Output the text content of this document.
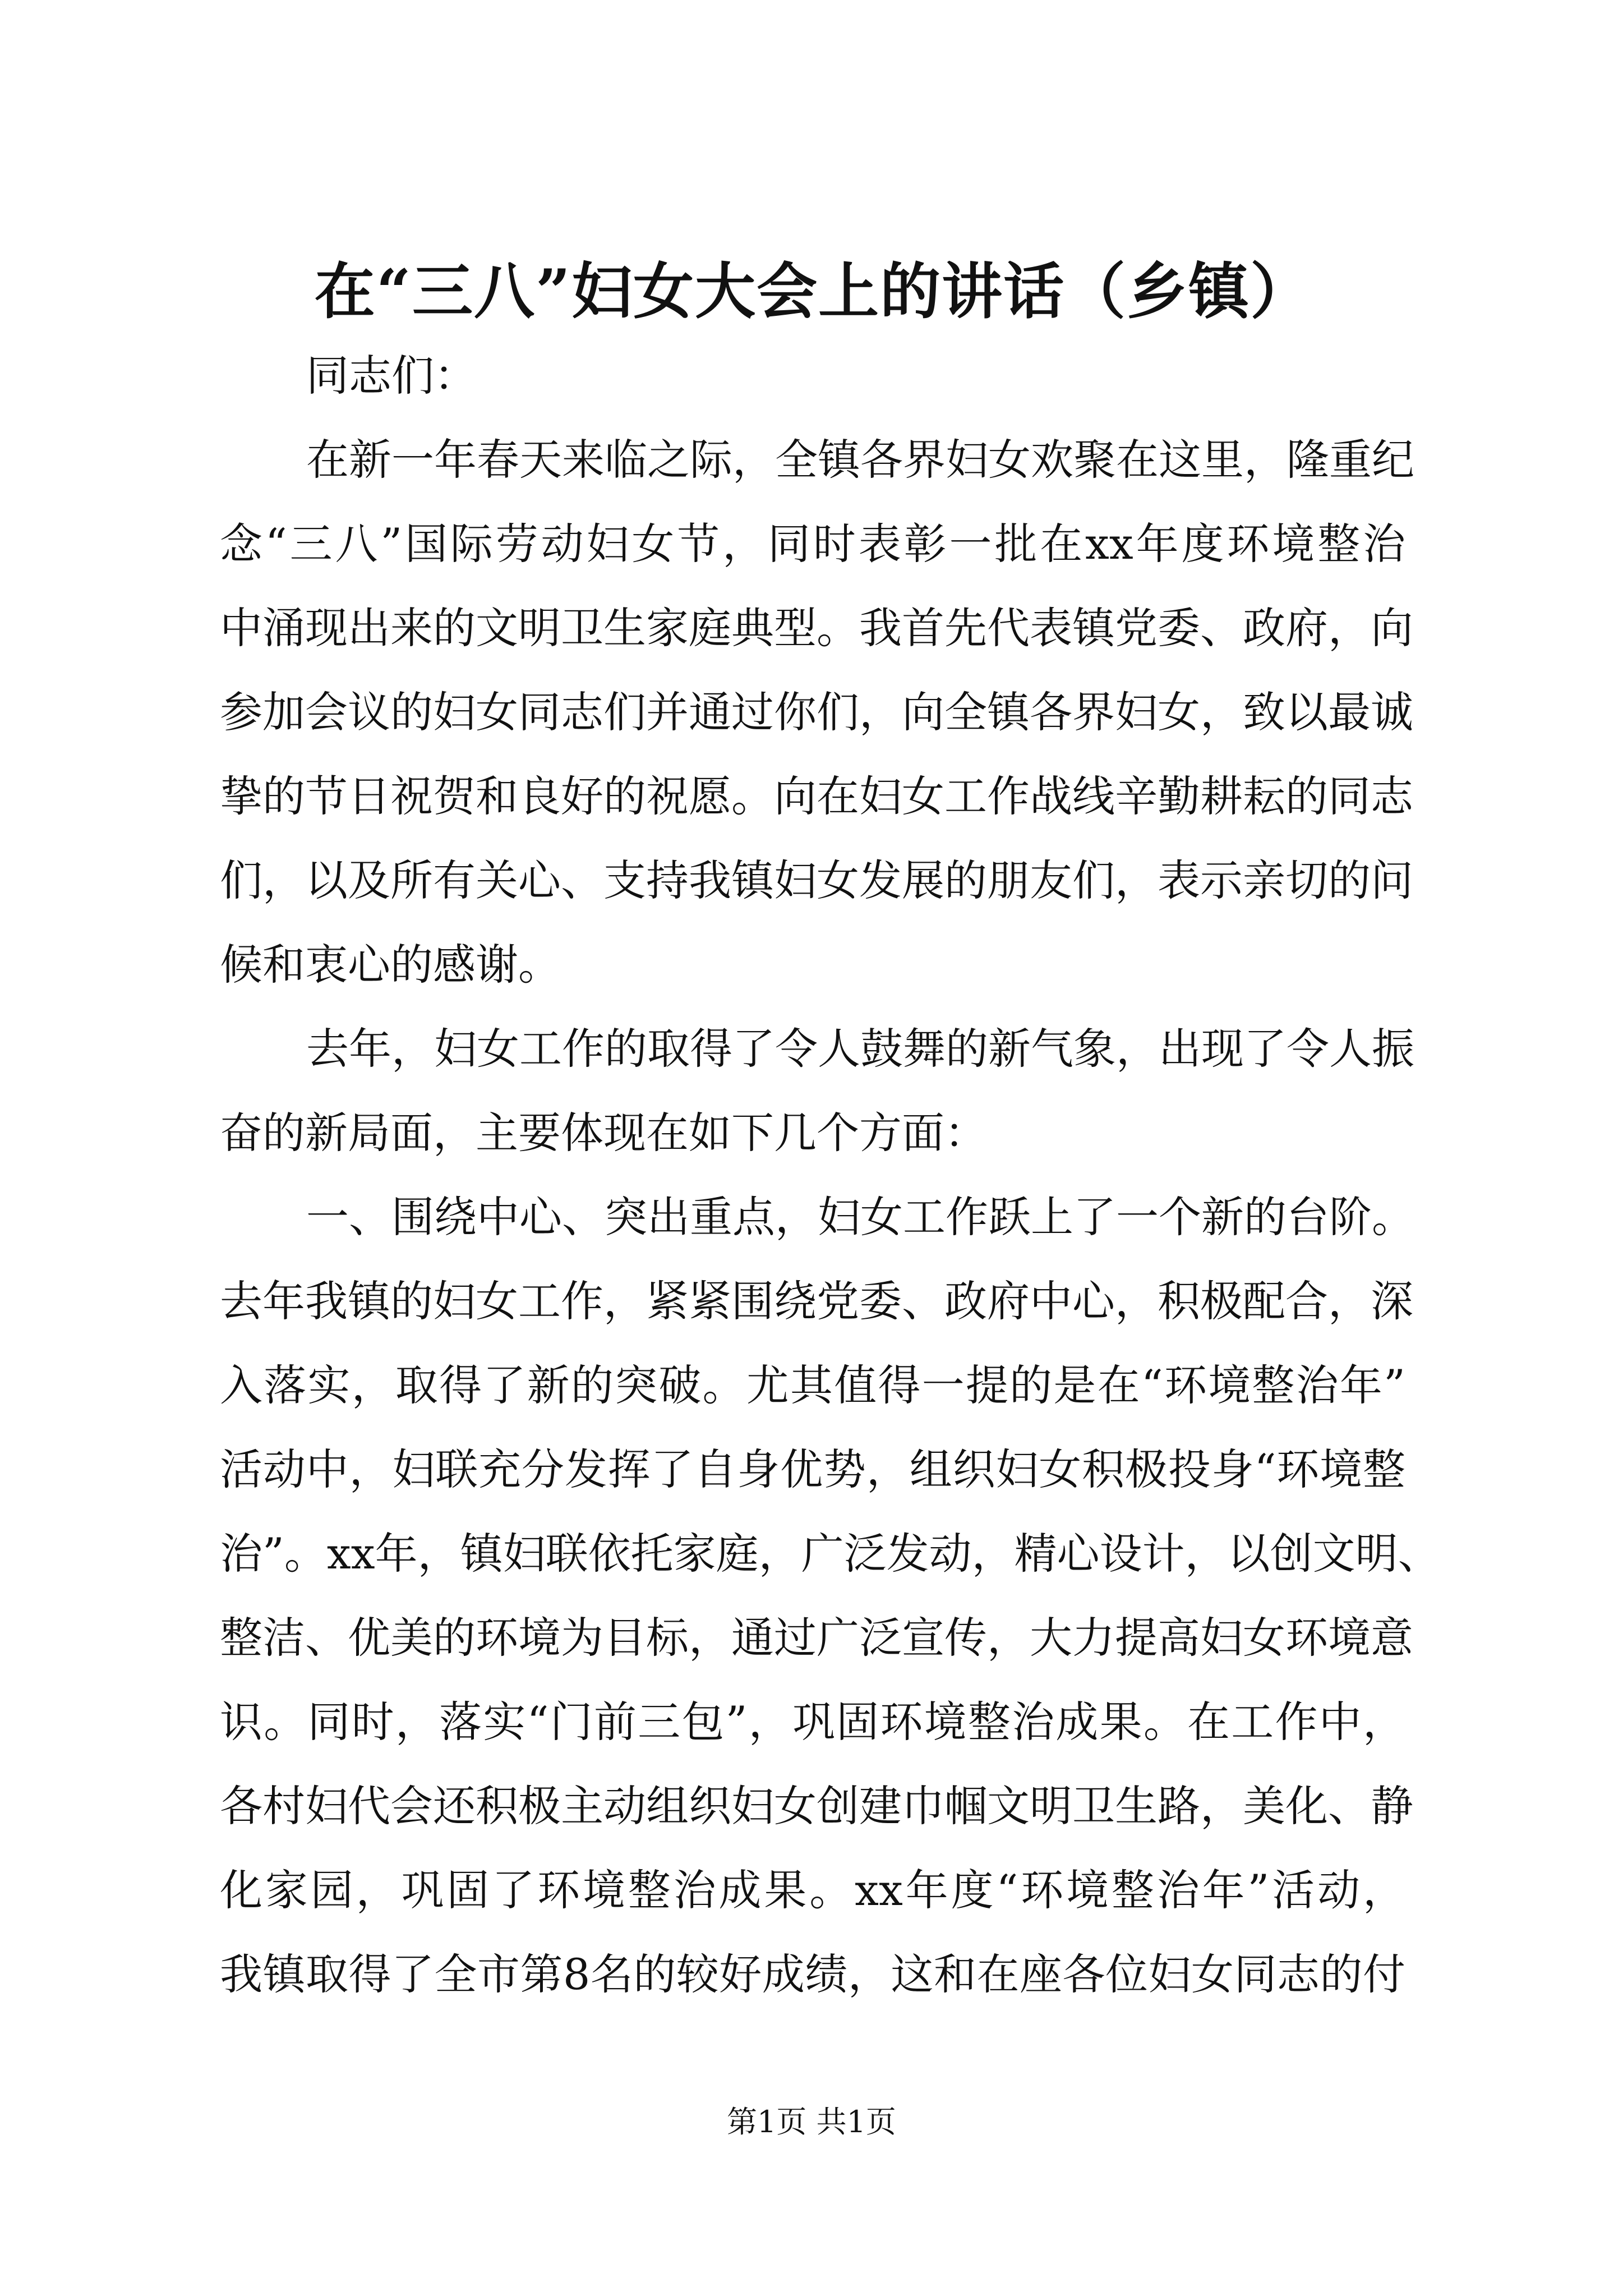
在“三八”妇女大会上的讲话（乡镇）
同志们：
在新一年春天来临之际，全镇各界妇女欢聚在这里，隆重纪
念“三八”国际劳动妇女节，同时表彰一批在xx年度环境整治
中涌现出来的文明卫生家庭典型。我首先代表镇党委、政府，向
参加会议的妇女同志们并通过你们，向全镇各界妇女，致以最诚
挚的节日祝贺和良好的祝愿。向在妇女工作战线辛勤耕耘的同志
们，以及所有关心、支持我镇妇女发展的朋友们，表示亲切的问
候和衷心的感谢。
去年，妇女工作的取得了令人鼓舞的新气象，出现了令人振
奋的新局面，主要体现在如下几个方面：
一、围绕中心、突出重点，妇女工作跃上了一个新的台阶。
去年我镇的妇女工作，紧紧围绕党委、政府中心，积极配合，深
入落实，取得了新的突破。尤其值得一提的是在“环境整治年”
活动中，妇联充分发挥了自身优势，组织妇女积极投身“环境整
治”。xx年，镇妇联依托家庭，广泛发动，精心设计，以创文明、
整洁、优美的环境为目标，通过广泛宣传，大力提高妇女环境意
识。同时，落实“门前三包”，巩固环境整治成果。在工作中，
各村妇代会还积极主动组织妇女创建巾帼文明卫生路，美化、静
化家园，巩固了环境整治成果。xx年度“环境整治年”活动，
我镇取得了全市第8名的较好成绩，这和在座各位妇女同志的付
第1页 共1页
